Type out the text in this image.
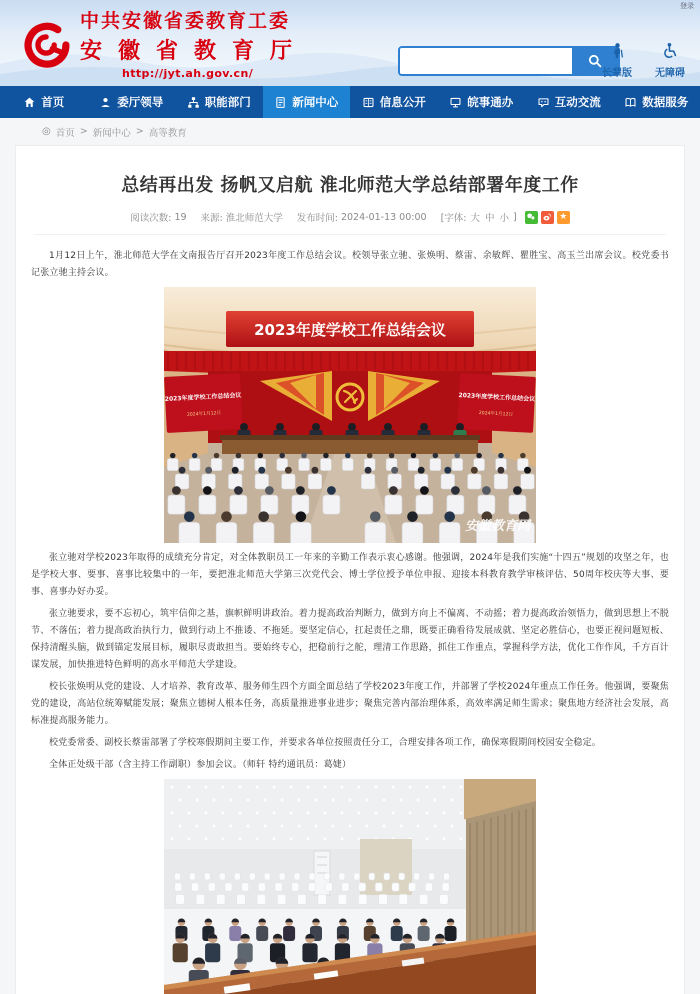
登录
中共安徽省委教育工委
安徽省教育厅
http://jyt.ah.gov.cn/	长辈版	无障碍
首页	委厅领导	职能部门	新闻中心	信息公开	皖事通办	互动交流	数据服务
◎ 首页 > 新闻中心 > 高等教育
总结再出发 扬帆又启航 淮北师范大学总结部署年度工作
阅读次数: 19 来源: 淮北师范大学 发布时间: 2024-01-13 00:00 [字体: 大 中 小 ]	★

1月12日上午，淮北师范大学在文南报告厅召开2023年度工作总结会议。校领导张立驰、张焕明、蔡雷、余敏辉、瞿胜宝、高玉兰出席会议。校党委书记张立驰主持会议。

2023年度学校工作总结会议
2023年度学校工作总结会议
2024年1月12日
2023年度学校工作总结会议
2024年1月12日
安徽教育网

张立驰对学校2023年取得的成绩充分肯定，对全体教职员工一年来的辛勤工作表示衷心感谢。他强调，2024年是我们实施“十四五”规划的攻坚之年，也是学校大事、要事、喜事比较集中的一年，要把淮北师范大学第三次党代会、博士学位授予单位申报、迎接本科教育教学审核评估、50周年校庆等大事、要事、喜事办好办妥。

张立驰要求，要不忘初心，筑牢信仰之基，旗帜鲜明讲政治。着力提高政治判断力，做到方向上不偏离、不动摇；着力提高政治领悟力，做到思想上不脱节、不落伍；着力提高政治执行力，做到行动上不推诿、不拖延。要坚定信心，扛起责任之鼎，既要正确看待发展成就、坚定必胜信心，也要正视问题短板、保持清醒头脑，做到锚定发展目标，履职尽责敢担当。要始终专心，把稳前行之舵，理清工作思路，抓住工作重点，掌握科学方法，优化工作作风，千方百计谋发展，加快推进特色鲜明的高水平师范大学建设。

校长张焕明从党的建设、人才培养、教育改革、服务师生四个方面全面总结了学校2023年度工作，并部署了学校2024年重点工作任务。他强调，要聚焦党的建设，高站位统筹赋能发展；聚焦立德树人根本任务，高质量推进事业进步；聚焦完善内部治理体系，高效率满足师生需求；聚焦地方经济社会发展，高标准提高服务能力。

校党委常委、副校长蔡雷部署了学校寒假期间主要工作，并要求各单位按照责任分工，合理安排各项工作，确保寒假期间校园安全稳定。

全体正处级干部（含主持工作副职）参加会议。（师轩 特约通讯员：葛婕）
